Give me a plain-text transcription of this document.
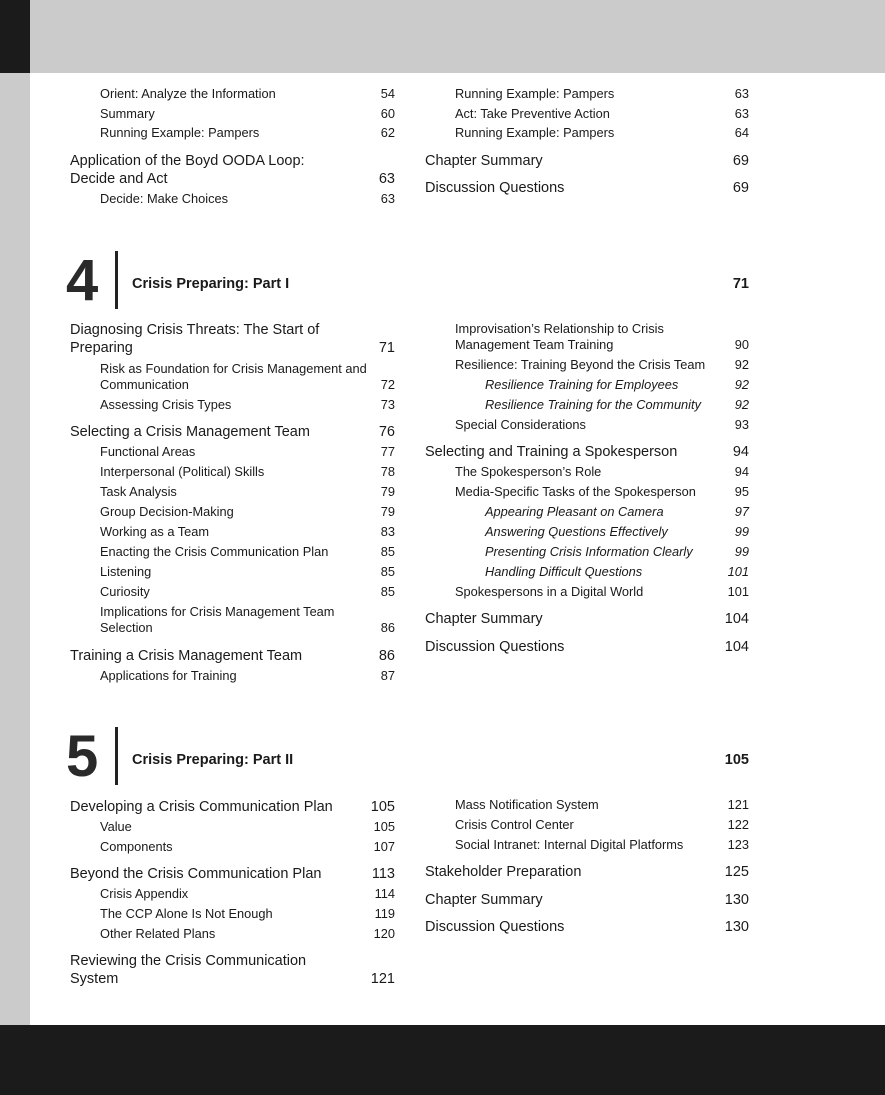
Orient: Analyze the Information	54
Summary	60
Running Example: Pampers	62
Application of the Boyd OODA Loop: Decide and Act	63
Decide: Make Choices	63
Running Example: Pampers	63
Act: Take Preventive Action	63
Running Example: Pampers	64
Chapter Summary	69
Discussion Questions	69
4 Crisis Preparing: Part I	71
Diagnosing Crisis Threats: The Start of Preparing	71
Risk as Foundation for Crisis Management and Communication	72
Assessing Crisis Types	73
Selecting a Crisis Management Team	76
Functional Areas	77
Interpersonal (Political) Skills	78
Task Analysis	79
Group Decision-Making	79
Working as a Team	83
Enacting the Crisis Communication Plan	85
Listening	85
Curiosity	85
Implications for Crisis Management Team Selection	86
Training a Crisis Management Team	86
Applications for Training	87
Improvisation’s Relationship to Crisis Management Team Training	90
Resilience: Training Beyond the Crisis Team	92
Resilience Training for Employees	92
Resilience Training for the Community	92
Special Considerations	93
Selecting and Training a Spokesperson	94
The Spokesperson’s Role	94
Media-Specific Tasks of the Spokesperson	95
Appearing Pleasant on Camera	97
Answering Questions Effectively	99
Presenting Crisis Information Clearly	99
Handling Difficult Questions	101
Spokespersons in a Digital World	101
Chapter Summary	104
Discussion Questions	104
5 Crisis Preparing: Part II	105
Developing a Crisis Communication Plan	105
Value	105
Components	107
Beyond the Crisis Communication Plan	113
Crisis Appendix	114
The CCP Alone Is Not Enough	119
Other Related Plans	120
Reviewing the Crisis Communication System	121
Mass Notification System	121
Crisis Control Center	122
Social Intranet: Internal Digital Platforms	123
Stakeholder Preparation	125
Chapter Summary	130
Discussion Questions	130
